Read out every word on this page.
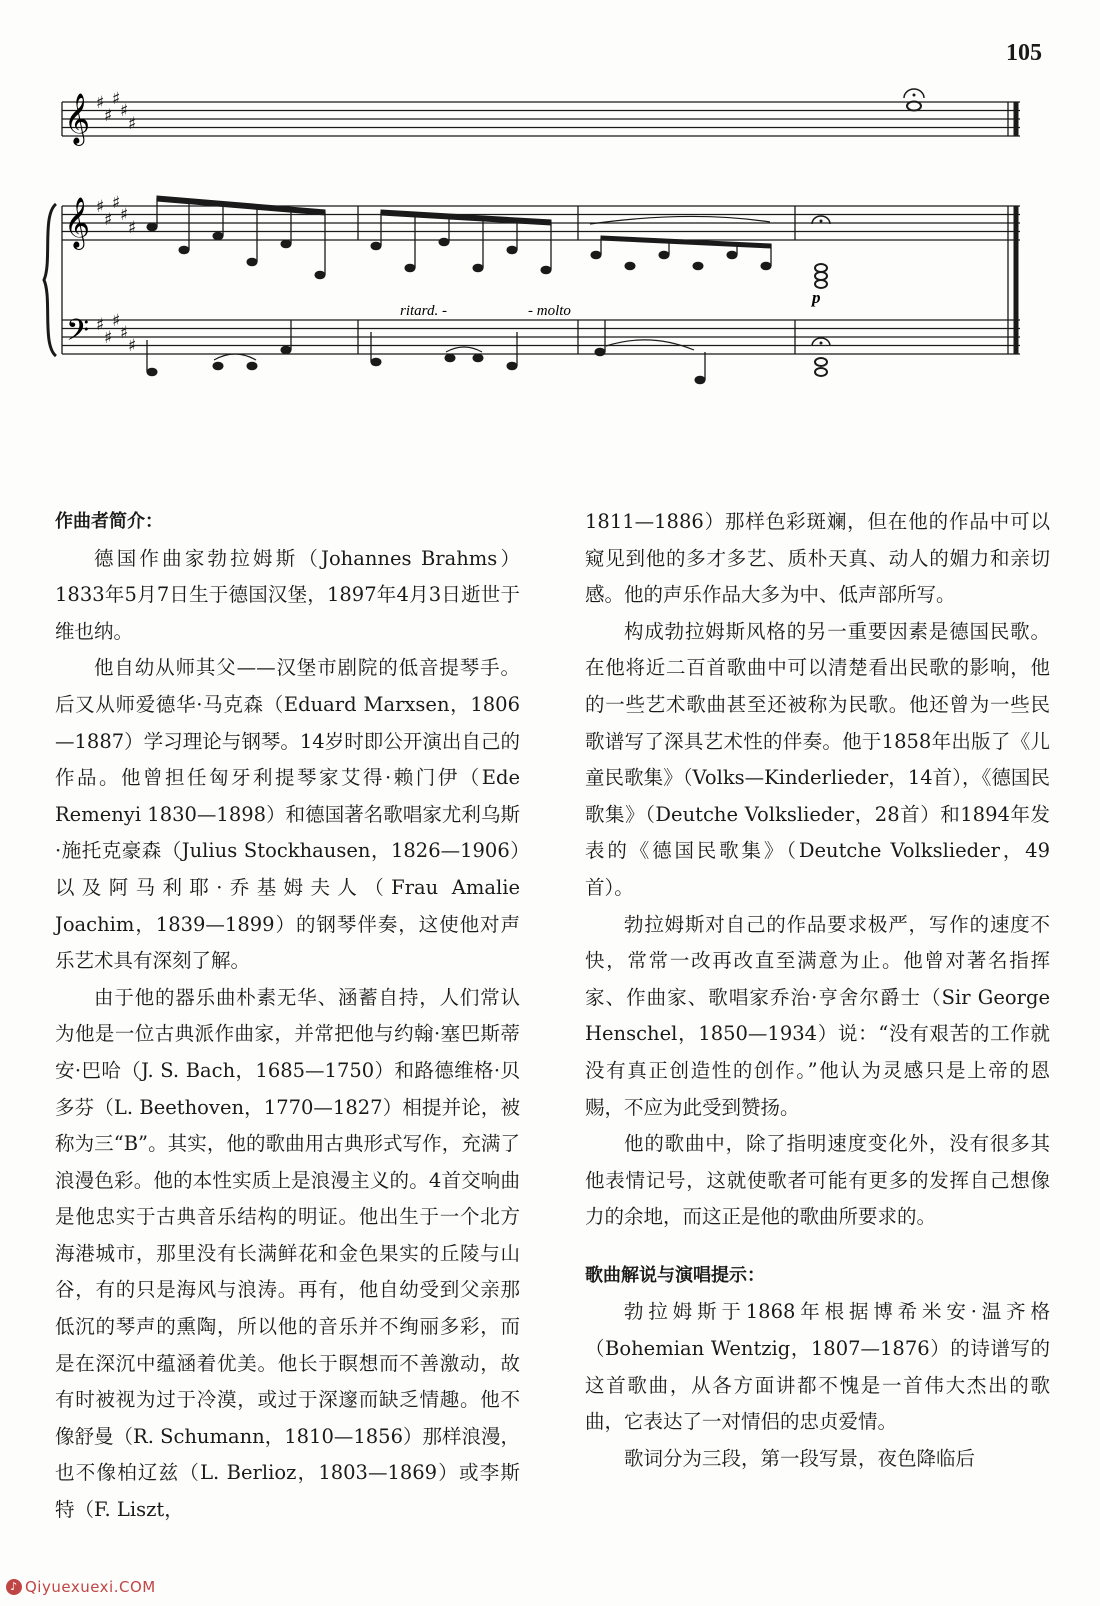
105
𝄞
𝄞
𝄢
♯
♯
♯
♯
♯
♯
♯
♯
♯
♯
♯
♯
♯
♯
♯
ritard. -	- molto
p
作曲者简介：

德国作曲家勃拉姆斯（Johannes Brahms）1833年5月7日生于德国汉堡，1897年4月3日逝世于维也纳。

他自幼从师其父——汉堡市剧院的低音提琴手。后又从师爱德华·马克森（Eduard Marxsen，1806—1887）学习理论与钢琴。14岁时即公开演出自己的作品。他曾担任匈牙利提琴家艾得·赖门伊（Ede Remenyi 1830—1898）和德国著名歌唱家尤利乌斯·施托克豪森（Julius Stockhausen，1826—1906）以及阿马利耶·乔基姆夫人（Frau Amalie Joachim，1839—1899）的钢琴伴奏，这使他对声乐艺术具有深刻了解。

由于他的器乐曲朴素无华、涵蓄自持，人们常认为他是一位古典派作曲家，并常把他与约翰·塞巴斯蒂安·巴哈（J. S. Bach，1685—1750）和路德维格·贝多芬（L. Beethoven，1770—1827）相提并论，被称为三“B”。其实，他的歌曲用古典形式写作，充满了浪漫色彩。他的本性实质上是浪漫主义的。4首交响曲是他忠实于古典音乐结构的明证。他出生于一个北方海港城市，那里没有长满鲜花和金色果实的丘陵与山谷，有的只是海风与浪涛。再有，他自幼受到父亲那低沉的琴声的熏陶，所以他的音乐并不绚丽多彩，而是在深沉中蕴涵着优美。他长于瞑想而不善激动，故有时被视为过于冷漠，或过于深邃而缺乏情趣。他不像舒曼（R. Schumann，1810—1856）那样浪漫，也不像柏辽兹（L. Berlioz，1803—1869）或李斯特（F. Liszt，

1811—1886）那样色彩斑斓，但在他的作品中可以窥见到他的多才多艺、质朴天真、动人的媚力和亲切感。他的声乐作品大多为中、低声部所写。

构成勃拉姆斯风格的另一重要因素是德国民歌。在他将近二百首歌曲中可以清楚看出民歌的影响，他的一些艺术歌曲甚至还被称为民歌。他还曾为一些民歌谱写了深具艺术性的伴奏。他于1858年出版了《儿童民歌集》（Volks—Kinderlieder，14首），《德国民歌集》（Deutche Volkslieder，28首）和1894年发表的《德国民歌集》（Deutche Volkslieder，49首）。

勃拉姆斯对自己的作品要求极严，写作的速度不快，常常一改再改直至满意为止。他曾对著名指挥家、作曲家、歌唱家乔治·亨舍尔爵士（Sir George Henschel，1850—1934）说：“没有艰苦的工作就没有真正创造性的创作。”他认为灵感只是上帝的恩赐，不应为此受到赞扬。

他的歌曲中，除了指明速度变化外，没有很多其他表情记号，这就使歌者可能有更多的发挥自己想像力的余地，而这正是他的歌曲所要求的。

歌曲解说与演唱提示：

勃拉姆斯于1868年根据博希米安·温齐格（Bohemian Wentzig，1807—1876）的诗谱写的这首歌曲，从各方面讲都不愧是一首伟大杰出的歌曲，它表达了一对情侣的忠贞爱情。

歌词分为三段，第一段写景，夜色降临后

♪ Qiyuexuexi.COM
